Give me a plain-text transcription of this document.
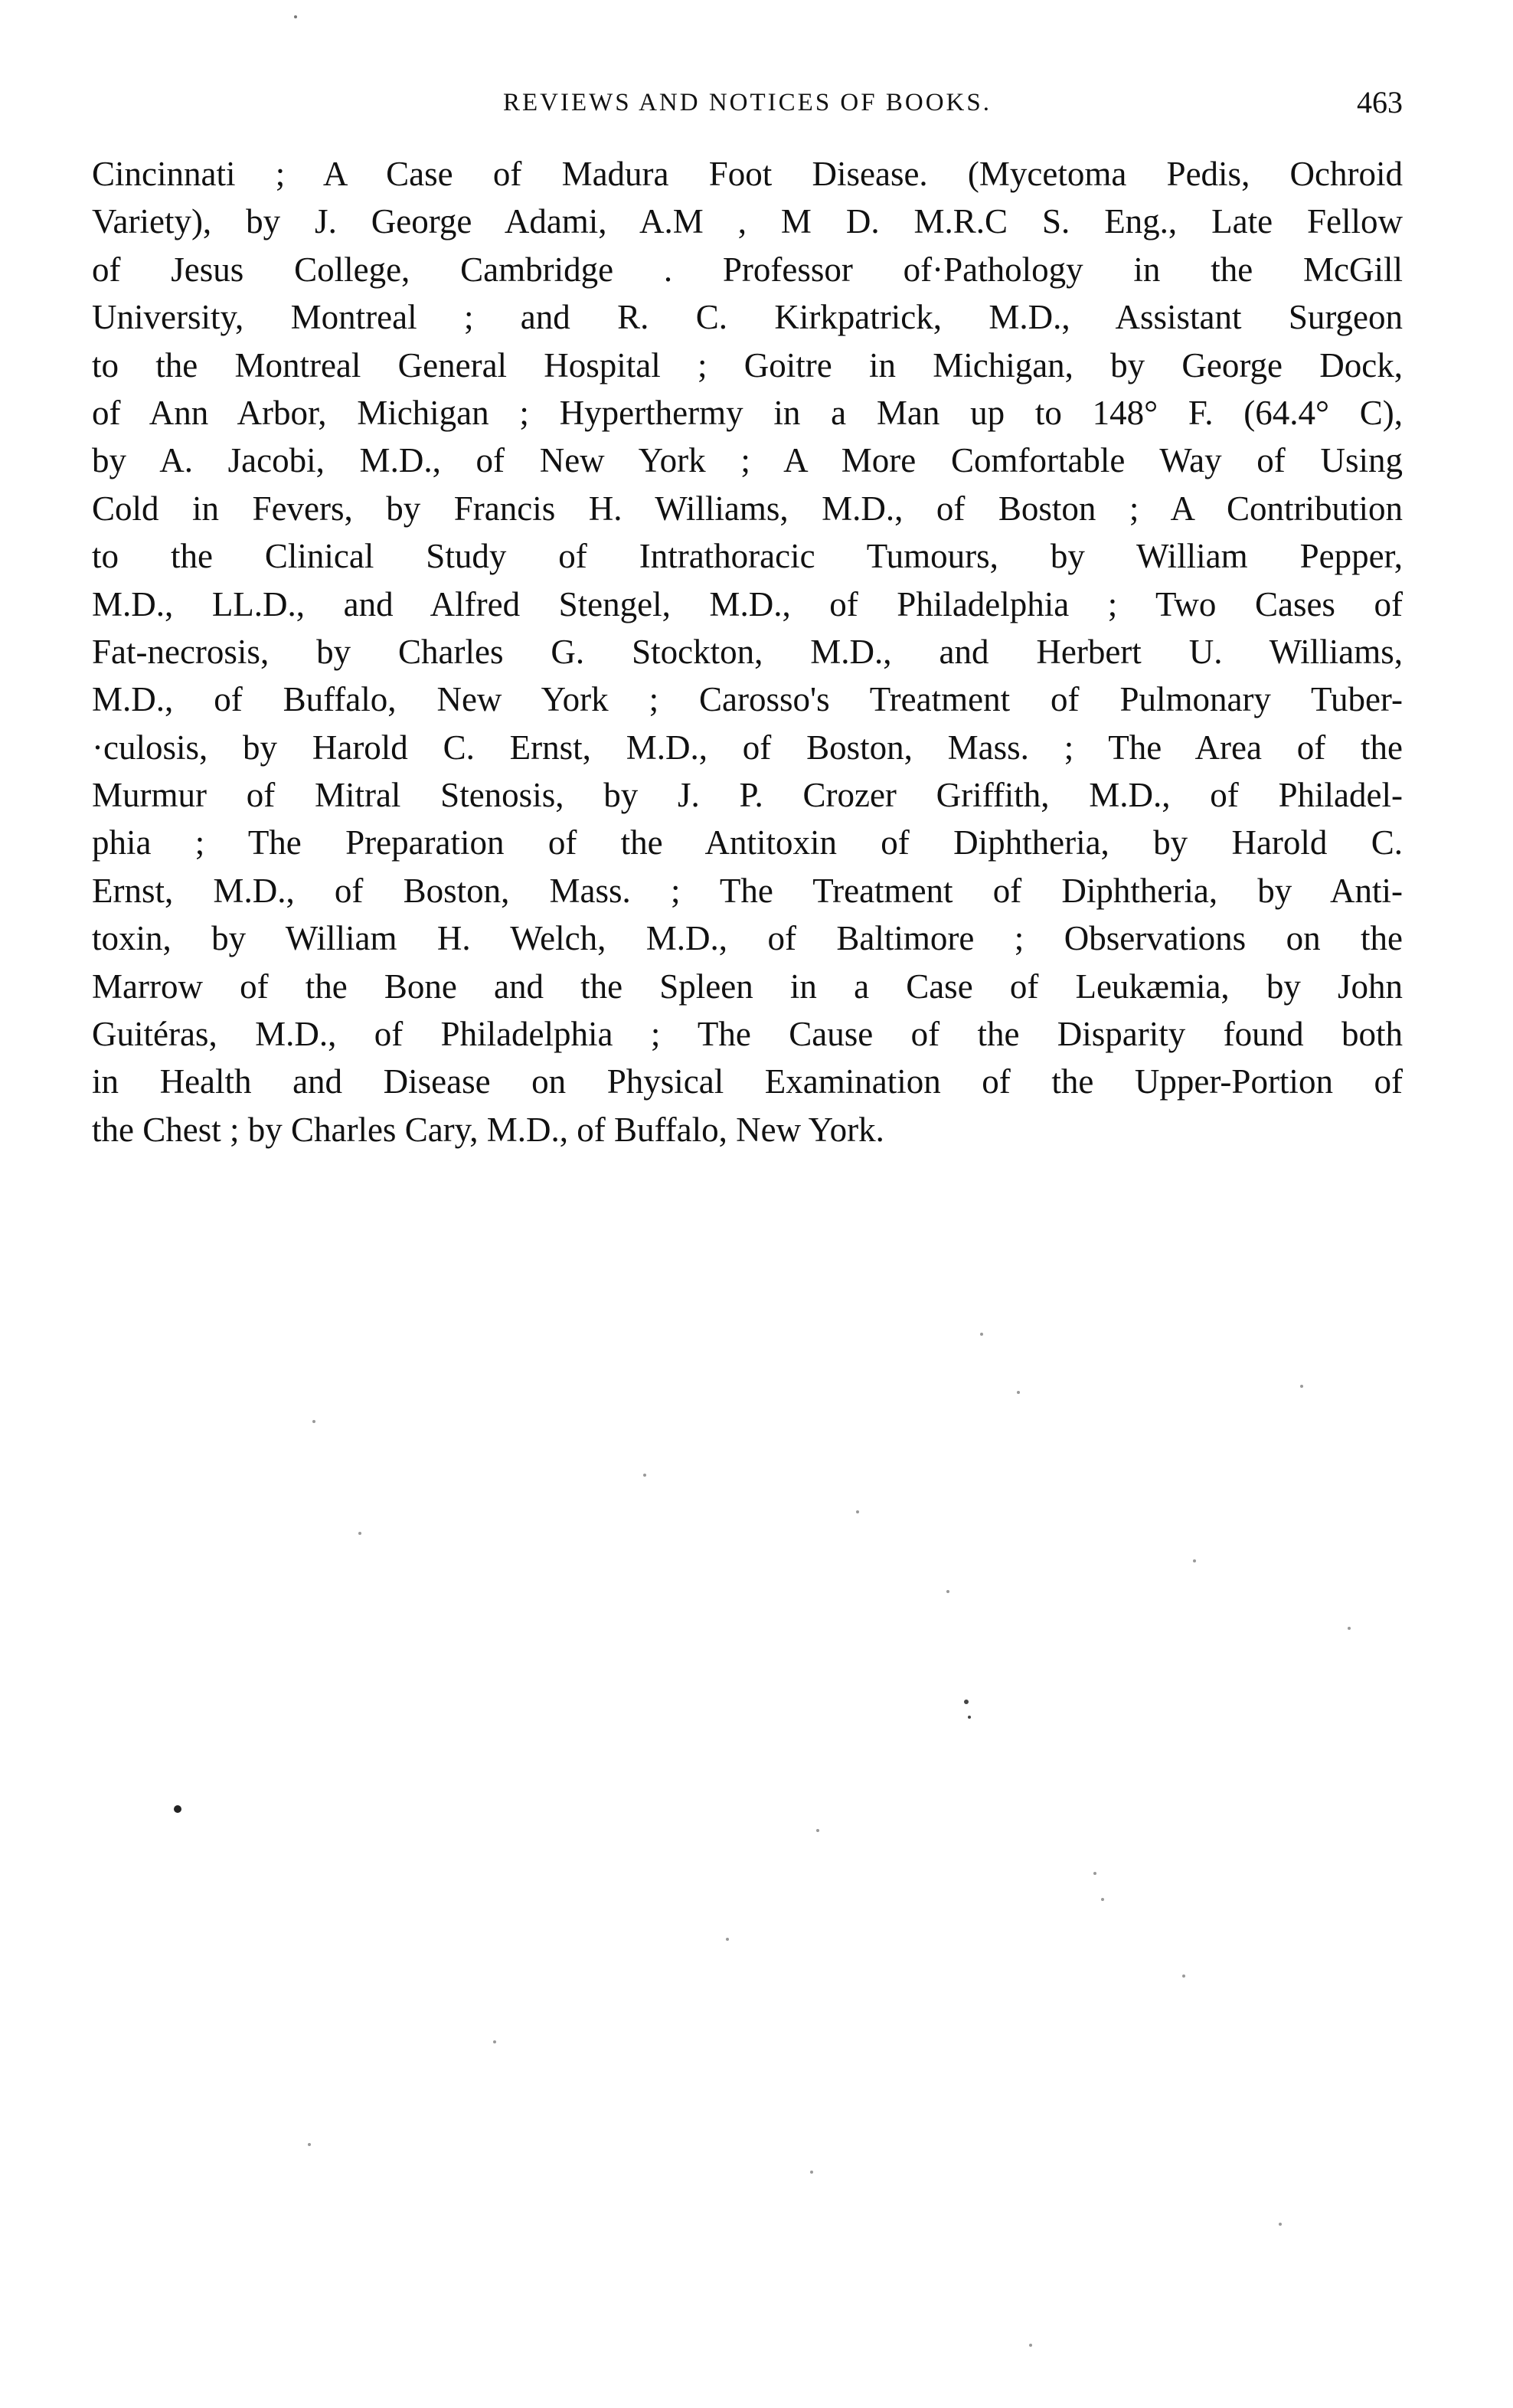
REVIEWS AND NOTICES OF BOOKS.	463
Cincinnati ; A Case of Madura Foot Disease. (Mycetoma Pedis, Ochroid
Variety), by J. George Adami, A.M , M D. M.R.C S. Eng., Late Fellow
of Jesus College, Cambridge . Professor of·Pathology in the McGill
University, Montreal ; and R. C. Kirkpatrick, M.D., Assistant Surgeon
to the Montreal General Hospital ; Goitre in Michigan, by George Dock,
of Ann Arbor, Michigan ; Hyperthermy in a Man up to 148° F. (64.4° C),
by A. Jacobi, M.D., of New York ; A More Comfortable Way of Using
Cold in Fevers, by Francis H. Williams, M.D., of Boston ; A Contribution
to the Clinical Study of Intrathoracic Tumours, by William Pepper,
M.D., LL.D., and Alfred Stengel, M.D., of Philadelphia ; Two Cases of
Fat-necrosis, by Charles G. Stockton, M.D., and Herbert U. Williams,
M.D., of Buffalo, New York ; Carosso's Treatment of Pulmonary Tuber-
·culosis, by Harold C. Ernst, M.D., of Boston, Mass. ; The Area of the
Murmur of Mitral Stenosis, by J. P. Crozer Griffith, M.D., of Philadel-
phia ; The Preparation of the Antitoxin of Diphtheria, by Harold C.
Ernst, M.D., of Boston, Mass. ; The Treatment of Diphtheria, by Anti-
toxin, by William H. Welch, M.D., of Baltimore ; Observations on the
Marrow of the Bone and the Spleen in a Case of Leukæmia, by John
Guitéras, M.D., of Philadelphia ; The Cause of the Disparity found both
in Health and Disease on Physical Examination of the Upper-Portion of
the Chest ; by Charles Cary, M.D., of Buffalo, New York.
